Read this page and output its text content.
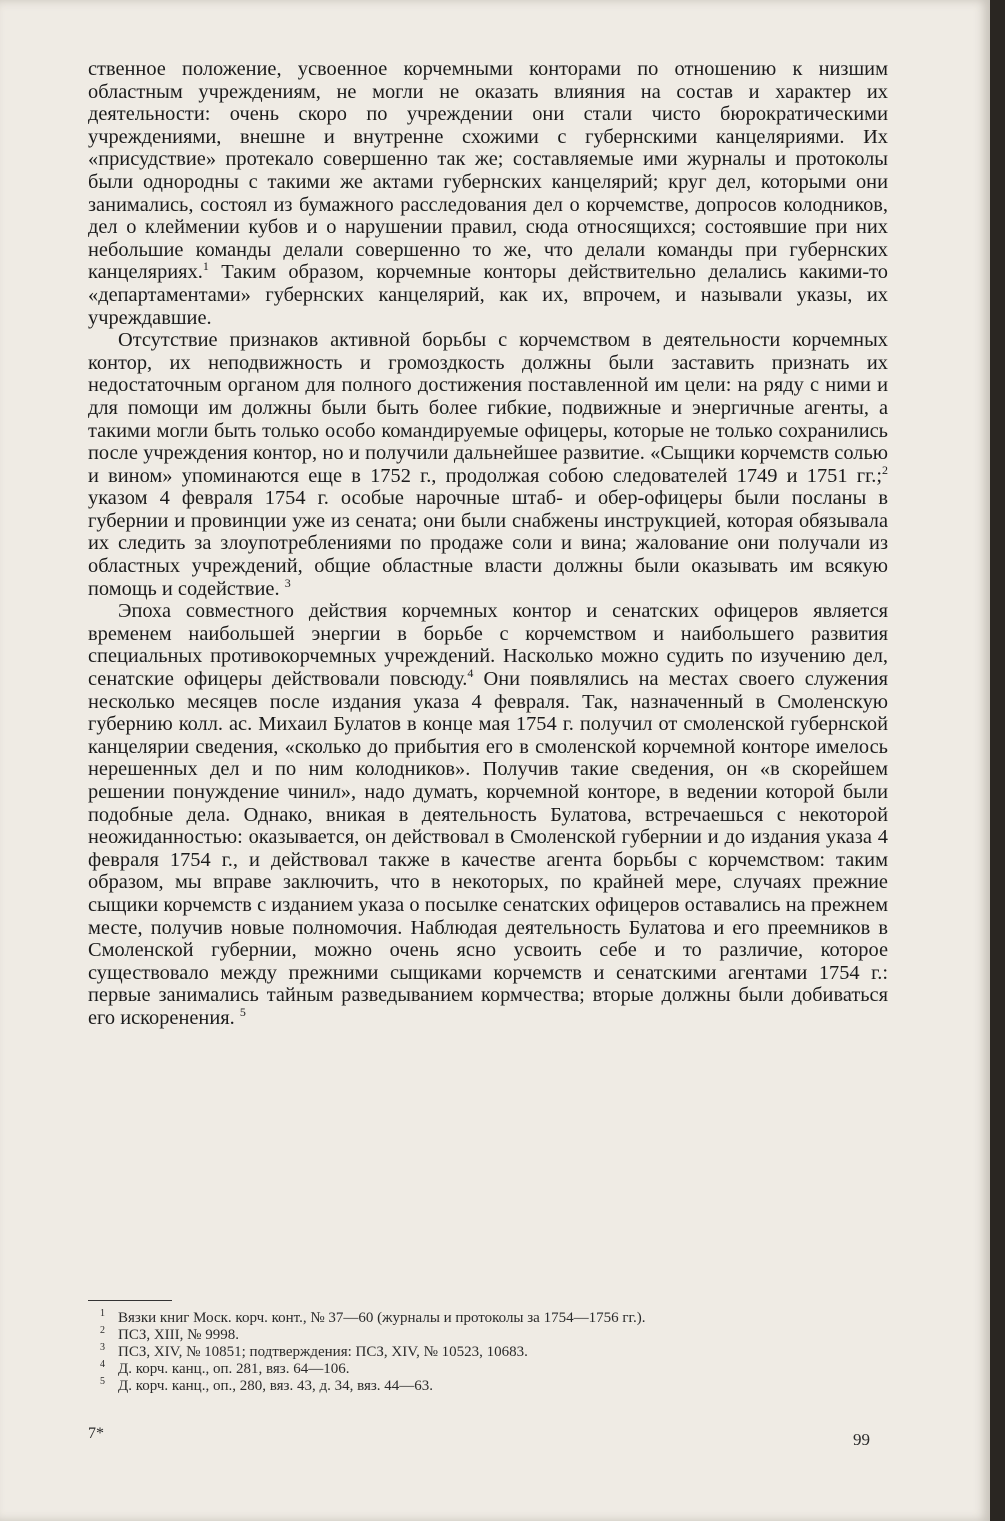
ственное положение, усвоенное корчемными конторами по отношению к низшим областным учреждениям, не могли не оказать влияния на состав и характер их деятельности: очень скоро по учреждении они стали чисто бюрократическими учреждениями, внешне и внутренне схожими с губернскими канцеляриями. Их «присудствие» протекало совершенно так же; составляемые ими журналы и протоколы были однородны с такими же актами губернских канцелярий; круг дел, которыми они занимались, состоял из бумажного расследования дел о корчемстве, допросов колодников, дел о клеймении кубов и о нарушении правил, сюда относящихся; состоявшие при них небольшие команды делали совершенно то же, что делали команды при губернских канцеляриях.$^1$ Таким образом, корчемные конторы действительно делались какими-то «департаментами» губернских канцелярий, как их, впрочем, и называли указы, их учреждавшие.

Отсутствие признаков активной борьбы с корчемством в деятельности корчемных контор, их неподвижность и громоздкость должны были заставить признать их недостаточным органом для полного достижения поставленной им цели: на ряду с ними и для помощи им должны были быть более гибкие, подвижные и энергичные агенты, а такими могли быть только особо командируемые офицеры, которые не только сохранились после учреждения контор, но и получили дальнейшее развитие. «Сыщики корчемств солью и вином» упоминаются еще в 1752 г., продолжая собою следователей 1749 и 1751 гг.;$^2$ указом 4 февраля 1754 г. особые нарочные штаб- и обер-офицеры были посланы в губернии и провинции уже из сената; они были снабжены инструкцией, которая обязывала их следить за злоупотреблениями по продаже соли и вина; жалование они получали из областных учреждений, общие областные власти должны были оказывать им всякую помощь и содействие. $^3$

Эпоха совместного действия корчемных контор и сенатских офицеров является временем наибольшей энергии в борьбе с корчемством и наибольшего развития специальных противокорчемных учреждений. Насколько можно судить по изучению дел, сенатские офицеры действовали повсюду.$^4$ Они появлялись на местах своего служения несколько месяцев после издания указа 4 февраля. Так, назначенный в Смоленскую губернию колл. ас. Михаил Булатов в конце мая 1754 г. получил от смоленской губернской канцелярии сведения, «сколько до прибытия его в смоленской корчемной конторе имелось нерешенных дел и по ним колодников». Получив такие сведения, он «в скорейшем решении понуждение чинил», надо думать, корчемной конторе, в ведении которой были подобные дела. Однако, вникая в деятельность Булатова, встречаешься с некоторой неожиданностью: оказывается, он действовал в Смоленской губернии и до издания указа 4 февраля 1754 г., и действовал также в качестве агента борьбы с корчемством: таким образом, мы вправе заключить, что в некоторых, по крайней мере, случаях прежние сыщики корчемств с изданием указа о посылке сенатских офицеров оставались на прежнем месте, получив новые полномочия. Наблюдая деятельность Булатова и его преемников в Смоленской губернии, можно очень ясно усвоить себе и то различие, которое существовало между прежними сыщиками корчемств и сенатскими агентами 1754 г.: первые занимались тайным разведыванием кормчества; вторые должны были добиваться его искоренения. $^5$

1 Вязки книг Моск. корч. конт., № 37—60 (журналы и протоколы за 1754—1756 гг.).

2 ПСЗ, XIII, № 9998.

3 ПСЗ, XIV, № 10851; подтверждения: ПСЗ, XIV, № 10523, 10683.

4 Д. корч. канц., оп. 281, вяз. 64—106.

5 Д. корч. канц., оп., 280, вяз. 43, д. 34, вяз. 44—63.

7*	99
